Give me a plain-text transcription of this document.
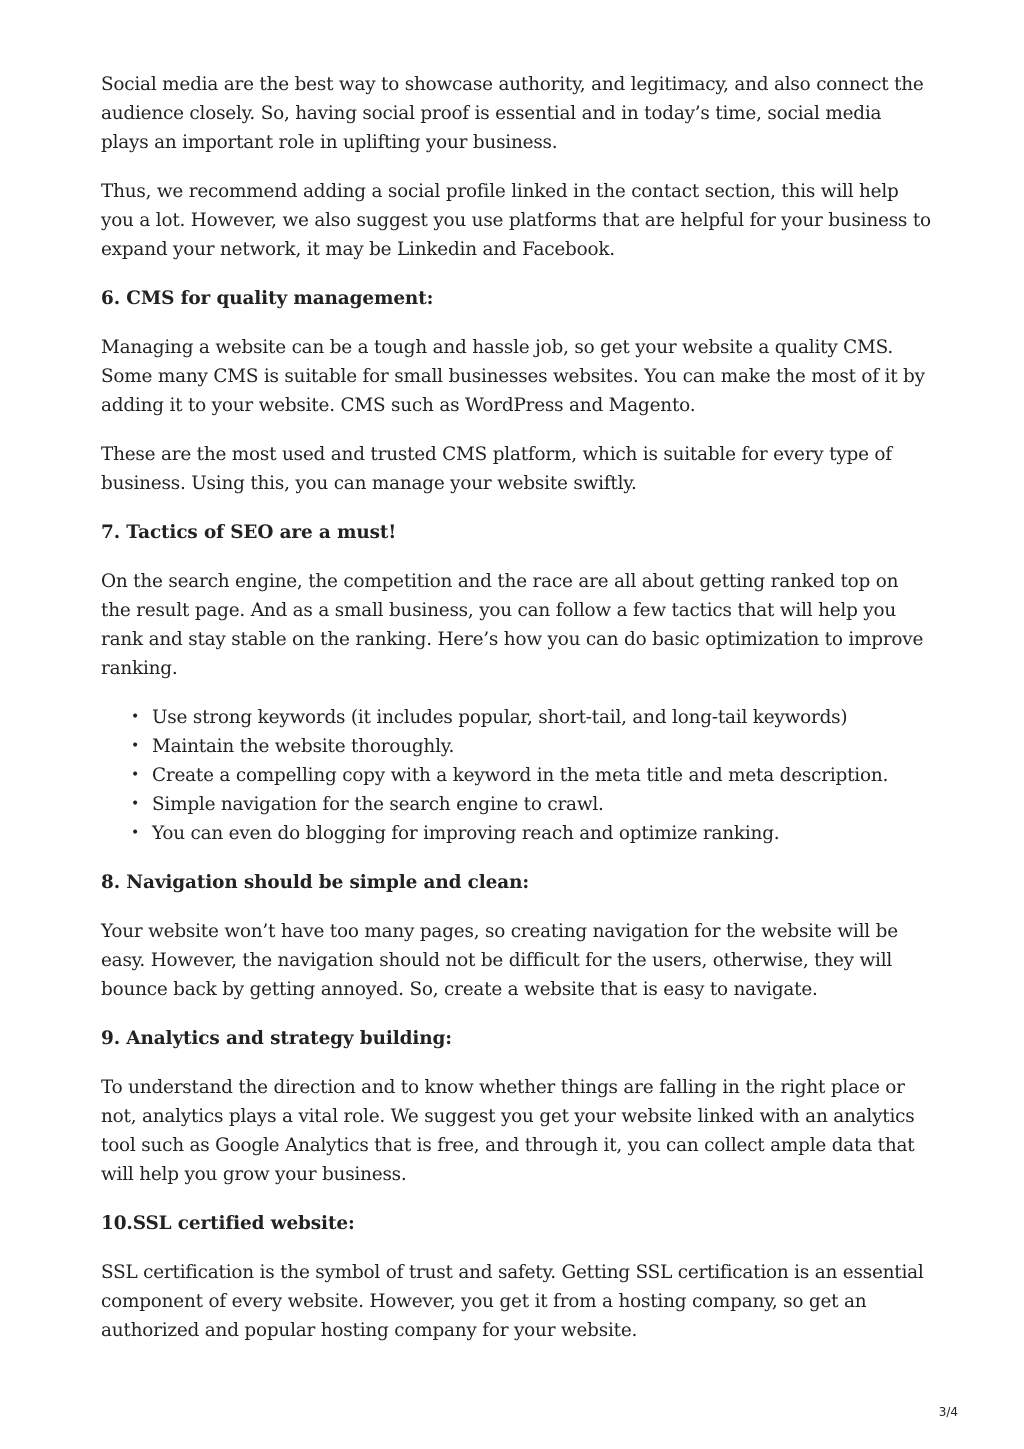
Social media are the best way to showcase authority, and legitimacy, and also connect the audience closely. So, having social proof is essential and in today’s time, social media plays an important role in uplifting your business.

Thus, we recommend adding a social profile linked in the contact section, this will help you a lot. However, we also suggest you use platforms that are helpful for your business to expand your network, it may be Linkedin and Facebook.

6. CMS for quality management:

Managing a website can be a tough and hassle job, so get your website a quality CMS. Some many CMS is suitable for small businesses websites. You can make the most of it by adding it to your website. CMS such as WordPress and Magento.

These are the most used and trusted CMS platform, which is suitable for every type of business. Using this, you can manage your website swiftly.

7. Tactics of SEO are a must!

On the search engine, the competition and the race are all about getting ranked top on the result page. And as a small business, you can follow a few tactics that will help you rank and stay stable on the ranking. Here’s how you can do basic optimization to improve ranking.

• Use strong keywords (it includes popular, short-tail, and long-tail keywords)
• Maintain the website thoroughly.
• Create a compelling copy with a keyword in the meta title and meta description.
• Simple navigation for the search engine to crawl.
• You can even do blogging for improving reach and optimize ranking.
8. Navigation should be simple and clean:

Your website won’t have too many pages, so creating navigation for the website will be easy. However, the navigation should not be difficult for the users, otherwise, they will bounce back by getting annoyed. So, create a website that is easy to navigate.

9. Analytics and strategy building:

To understand the direction and to know whether things are falling in the right place or not, analytics plays a vital role. We suggest you get your website linked with an analytics tool such as Google Analytics that is free, and through it, you can collect ample data that will help you grow your business.

10.SSL certified website:

SSL certification is the symbol of trust and safety. Getting SSL certification is an essential component of every website. However, you get it from a hosting company, so get an authorized and popular hosting company for your website.

3/4
